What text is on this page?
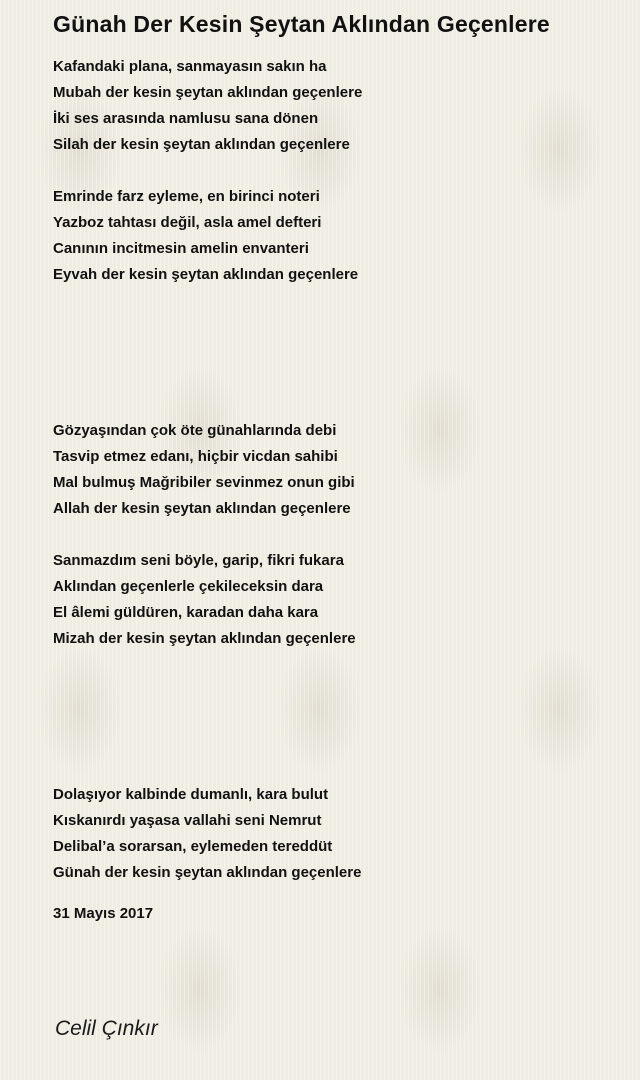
Günah Der Kesin Şeytan Aklından Geçenlere
Kafandaki plana, sanmayasın sakın ha
Mubah der kesin şeytan aklından geçenlere
İki ses arasında namlusu sana dönen
Silah der kesin şeytan aklından geçenlere
Emrinde farz eyleme, en birinci noteri
Yazboz tahtası değil, asla amel defteri
Canının incitmesin amelin envanteri
Eyvah der kesin şeytan aklından geçenlere
Gözyaşından çok öte günahlarında debi
Tasvip etmez edanı, hiçbir vicdan sahibi
Mal bulmuş Mağribiler sevinmez onun gibi
Allah der kesin şeytan aklından geçenlere
Sanmazdım seni böyle, garip, fikri fukara
Aklından geçenlerle çekileceksin dara
El âlemi güldüren, karadan daha kara
Mizah der kesin şeytan aklından geçenlere
Dolaşıyor kalbinde dumanlı, kara bulut
Kıskanırdı yaşasa vallahi seni Nemrut
Delibal’a sorarsan, eylemeden tereddüt
Günah der kesin şeytan aklından geçenlere
31 Mayıs 2017
Celil Çınkır
